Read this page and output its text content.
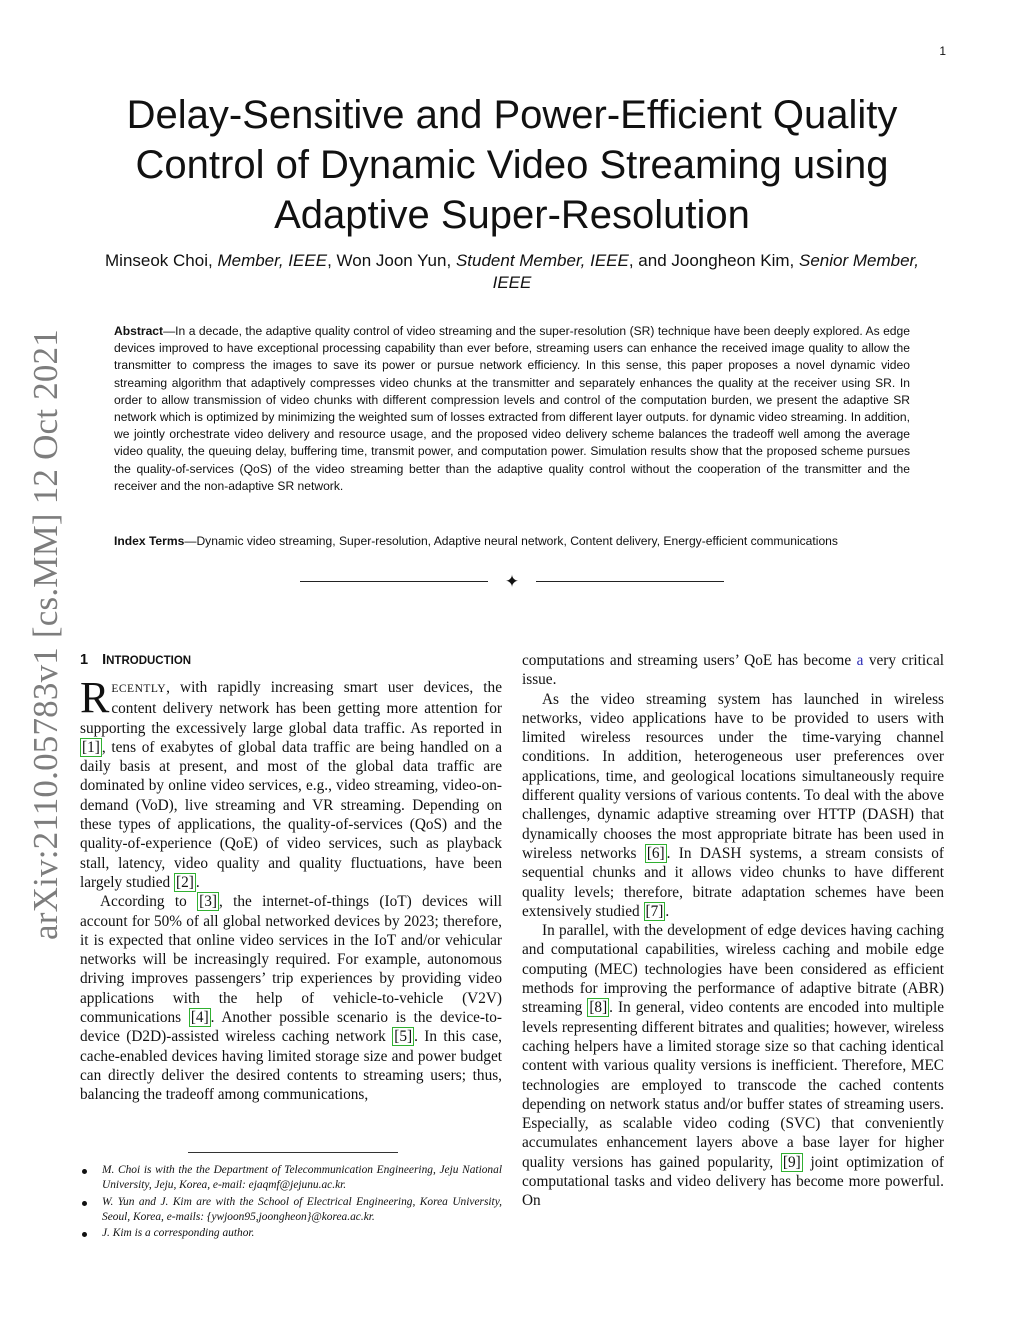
1
arXiv:2110.05783v1 [cs.MM] 12 Oct 2021
Delay-Sensitive and Power-Efficient Quality Control of Dynamic Video Streaming using Adaptive Super-Resolution
Minseok Choi, Member, IEEE, Won Joon Yun, Student Member, IEEE, and Joongheon Kim, Senior Member, IEEE
Abstract—In a decade, the adaptive quality control of video streaming and the super-resolution (SR) technique have been deeply explored. As edge devices improved to have exceptional processing capability than ever before, streaming users can enhance the received image quality to allow the transmitter to compress the images to save its power or pursue network efficiency. In this sense, this paper proposes a novel dynamic video streaming algorithm that adaptively compresses video chunks at the transmitter and separately enhances the quality at the receiver using SR. In order to allow transmission of video chunks with different compression levels and control of the computation burden, we present the adaptive SR network which is optimized by minimizing the weighted sum of losses extracted from different layer outputs. for dynamic video streaming. In addition, we jointly orchestrate video delivery and resource usage, and the proposed video delivery scheme balances the tradeoff well among the average video quality, the queuing delay, buffering time, transmit power, and computation power. Simulation results show that the proposed scheme pursues the quality-of-services (QoS) of the video streaming better than the adaptive quality control without the cooperation of the transmitter and the receiver and the non-adaptive SR network.
Index Terms—Dynamic video streaming, Super-resolution, Adaptive neural network, Content delivery, Energy-efficient communications
✦
1 INTRODUCTION

RECENTLY, with rapidly increasing smart user devices, the content delivery network has been getting more attention for supporting the excessively large global data traffic. As reported in [1] , tens of exabytes of global data traffic are being handled on a daily basis at present, and most of the global data traffic are dominated by online video services, e.g., video streaming, video-on-demand (VoD), live streaming and VR streaming. Depending on these types of applications, the quality-of-services (QoS) and the quality-of-experience (QoE) of video services, such as playback stall, latency, video quality and quality fluctuations, have been largely studied [2] .

According to [3] , the internet-of-things (IoT) devices will account for 50% of all global networked devices by 2023; therefore, it is expected that online video services in the IoT and/or vehicular networks will be increasingly required. For example, autonomous driving improves passengers’ trip experiences by providing video applications with the help of vehicle-to-vehicle (V2V) communications [4] . Another possible scenario is the device-to-device (D2D)-assisted wireless caching network [5] . In this case, cache-enabled devices having limited storage size and power budget can directly deliver the desired contents to streaming users; thus, balancing the tradeoff among communications,

M. Choi is with the the Department of Telecommunication Engineering, Jeju National University, Jeju, Korea, e-mail: ejaqmf@jejunu.ac.kr.
W. Yun and J. Kim are with the School of Electrical Engineering, Korea University, Seoul, Korea, e-mails: {ywjoon95,joongheon}@korea.ac.kr.
J. Kim is a corresponding author.

computations and streaming users’ QoE has become a very critical issue.

As the video streaming system has launched in wireless networks, video applications have to be provided to users with limited wireless resources under the time-varying channel conditions. In addition, heterogeneous user preferences over applications, time, and geological locations simultaneously require different quality versions of various contents. To deal with the above challenges, dynamic adaptive streaming over HTTP (DASH) that dynamically chooses the most appropriate bitrate has been used in wireless networks [6] . In DASH systems, a stream consists of sequential chunks and it allows video chunks to have different quality levels; therefore, bitrate adaptation schemes have been extensively studied [7] .

In parallel, with the development of edge devices having caching and computational capabilities, wireless caching and mobile edge computing (MEC) technologies have been considered as efficient methods for improving the performance of adaptive bitrate (ABR) streaming [8] . In general, video contents are encoded into multiple levels representing different bitrates and qualities; however, wireless caching helpers have a limited storage size so that caching identical content with various quality versions is inefficient. Therefore, MEC technologies are employed to transcode the cached contents depending on network status and/or buffer states of streaming users. Especially, as scalable video coding (SVC) that conveniently accumulates enhancement layers above a base layer for higher quality versions has gained popularity, [9] joint optimization of computational tasks and video delivery has become more powerful. On
